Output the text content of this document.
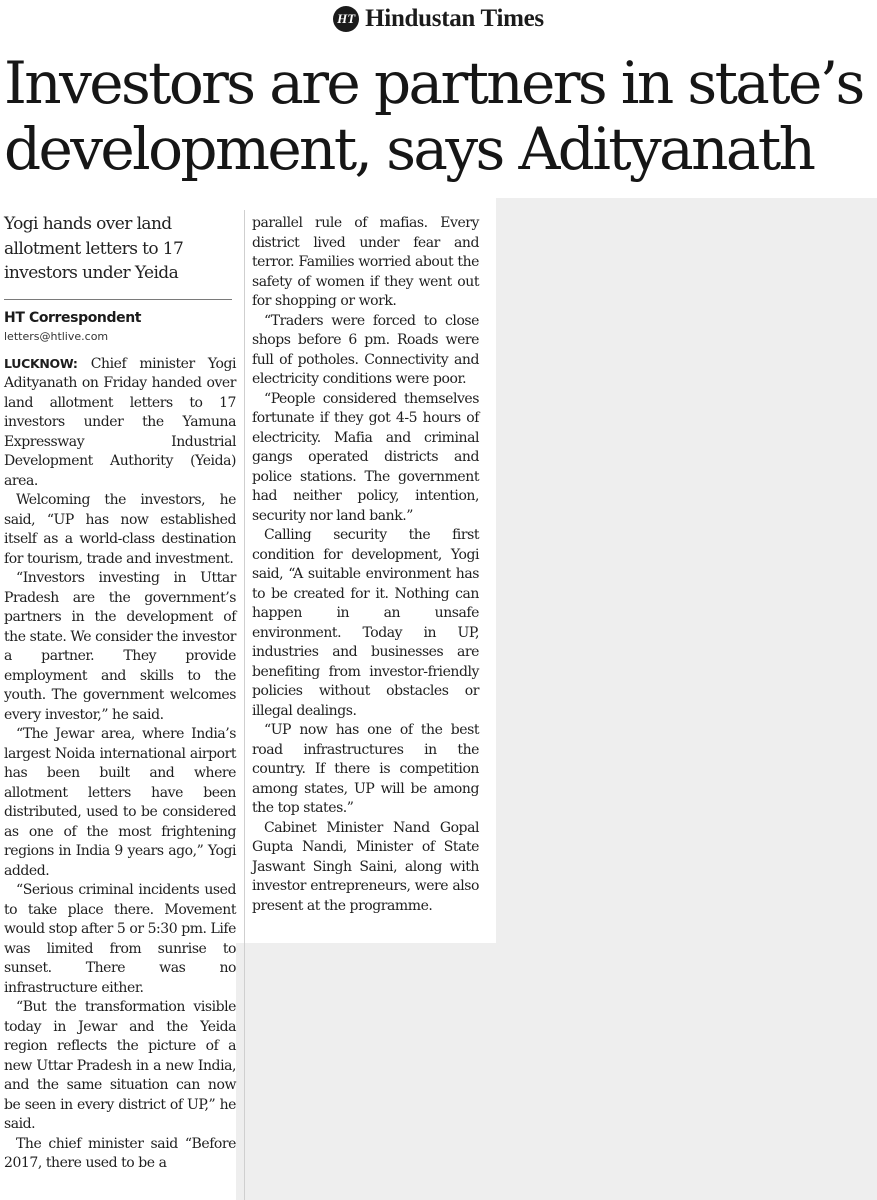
HT Hindustan Times
Investors are partners in state’s development, says Adityanath

Yogi hands over land allotment letters to 17 investors under Yeida

HT Correspondent
letters@htlive.com

LUCKNOW: Chief minister Yogi Adityanath on Friday handed over land allotment letters to 17 investors under the Yamuna Expressway Industrial Development Authority (Yeida) area.

Welcoming the investors, he said, “UP has now established itself as a world-class destination for tourism, trade and investment.

“Investors investing in Uttar Pradesh are the government’s partners in the development of the state. We consider the investor a partner. They provide employment and skills to the youth. The government welcomes every investor,” he said.

“The Jewar area, where India’s largest Noida international airport has been built and where allotment letters have been distributed, used to be considered as one of the most frightening regions in India 9 years ago,” Yogi added.

“Serious criminal incidents used to take place there. Movement would stop after 5 or 5:30 pm. Life was limited from sunrise to sunset. There was no infrastructure either.

“But the transformation visible today in Jewar and the Yeida region reflects the picture of a new Uttar Pradesh in a new India, and the same situation can now be seen in every district of UP,” he said.

The chief minister said “Before 2017, there used to be a

parallel rule of mafias. Every district lived under fear and terror. Families worried about the safety of women if they went out for shopping or work.

“Traders were forced to close shops before 6 pm. Roads were full of potholes. Connectivity and electricity conditions were poor.

“People considered themselves fortunate if they got 4-5 hours of electricity. Mafia and criminal gangs operated districts and police stations. The government had neither policy, intention, security nor land bank.”

Calling security the first condition for development, Yogi said, “A suitable environment has to be created for it. Nothing can happen in an unsafe environment. Today in UP, industries and businesses are benefiting from investor-friendly policies without obstacles or illegal dealings.

“UP now has one of the best road infrastructures in the country. If there is competition among states, UP will be among the top states.”

Cabinet Minister Nand Gopal Gupta Nandi, Minister of State Jaswant Singh Saini, along with investor entrepreneurs, were also present at the programme.
